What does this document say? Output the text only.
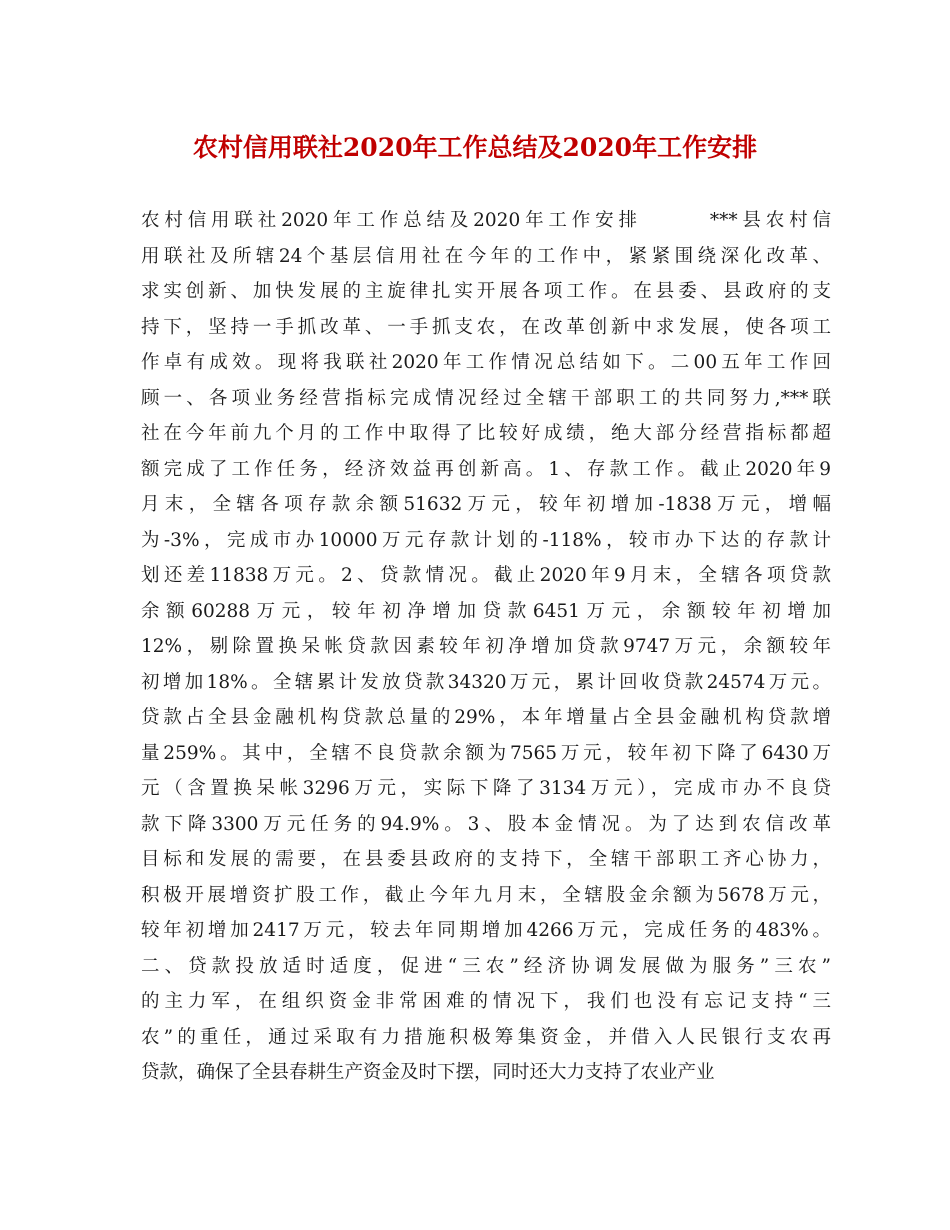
农村信用联社2020年工作总结及2020年工作安排
农村信用联社2020年工作总结及2020年工作安排	***县农村信
用联社及所辖24个基层信用社在今年的工作中，紧紧围绕深化改革、
求实创新、加快发展的主旋律扎实开展各项工作。在县委、县政府的支
持下，坚持一手抓改革、一手抓支农，在改革创新中求发展，使各项工
作卓有成效。现将我联社2020年工作情况总结如下。二00五年工作回
顾一、各项业务经营指标完成情况经过全辖干部职工的共同努力,***联
社在今年前九个月的工作中取得了比较好成绩，绝大部分经营指标都超
额完成了工作任务，经济效益再创新高。1、存款工作。截止2020年9
月末，全辖各项存款余额51632万元，较年初增加-1838万元，增幅
为-3%，完成市办10000万元存款计划的-118%，较市办下达的存款计
划还差11838万元。2、贷款情况。截止2020年9月末，全辖各项贷款
余额60288万元，较年初净增加贷款6451万元，余额较年初增加
12%，剔除置换呆帐贷款因素较年初净增加贷款9747万元，余额较年
初增加18%。全辖累计发放贷款34320万元，累计回收贷款24574万元。
贷款占全县金融机构贷款总量的29%，本年增量占全县金融机构贷款增
量259%。其中，全辖不良贷款余额为7565万元，较年初下降了6430万
元（含置换呆帐3296万元，实际下降了3134万元），完成市办不良贷
款下降3300万元任务的94.9%。3、股本金情况。为了达到农信改革
目标和发展的需要，在县委县政府的支持下，全辖干部职工齐心协力，
积极开展增资扩股工作，截止今年九月末，全辖股金余额为5678万元，
较年初增加2417万元，较去年同期增加4266万元，完成任务的483%。
二、贷款投放适时适度，促进“三农”经济协调发展做为服务”三农”
的主力军，在组织资金非常困难的情况下，我们也没有忘记支持“三
农”的重任，通过采取有力措施积极筹集资金，并借入人民银行支农再
贷款，确保了全县春耕生产资金及时下摆，同时还大力支持了农业产业
